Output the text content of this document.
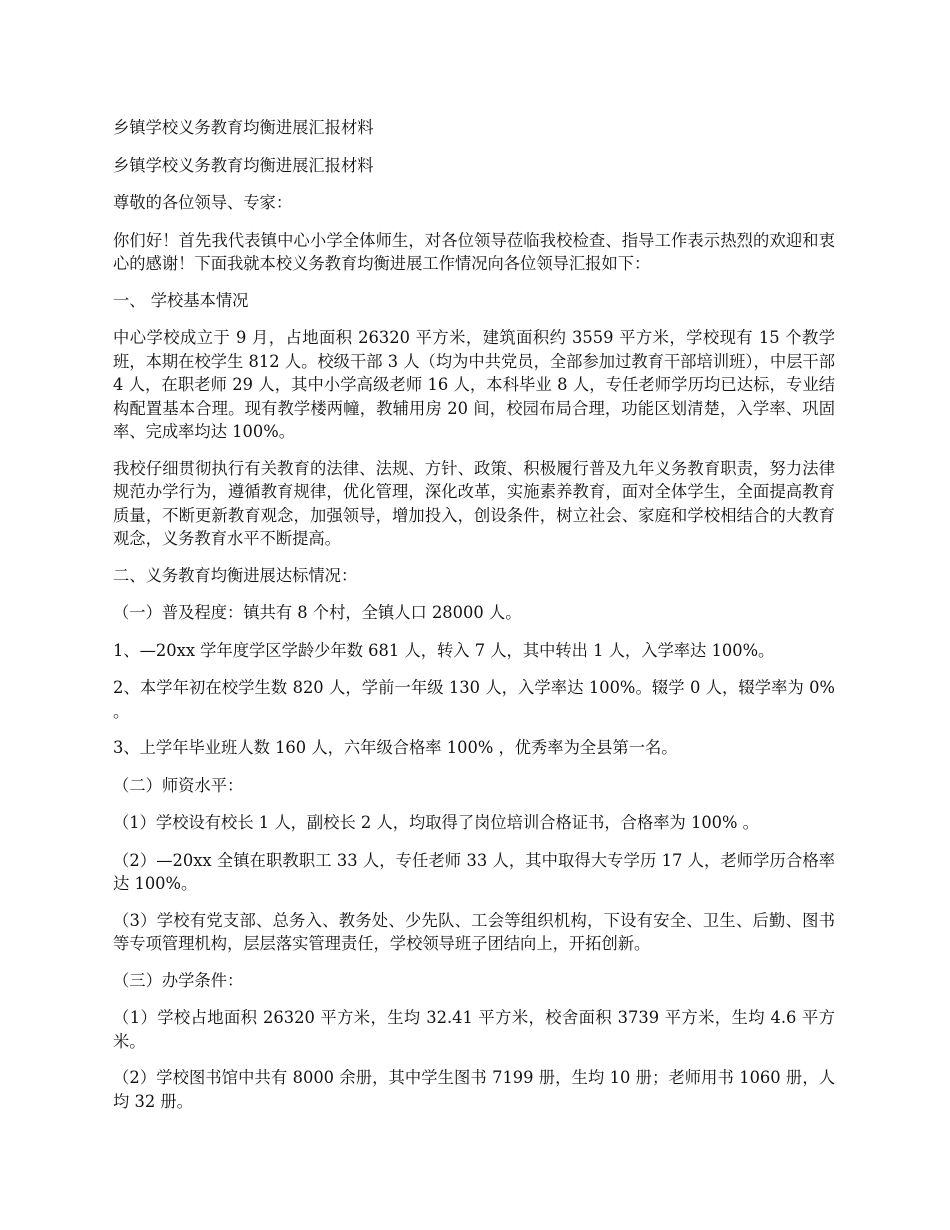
乡镇学校义务教育均衡进展汇报材料

乡镇学校义务教育均衡进展汇报材料

尊敬的各位领导、专家：

你们好！首先我代表镇中心小学全体师生，对各位领导莅临我校检查、指导工作表示热烈的欢迎和衷心的感谢！下面我就本校义务教育均衡进展工作情况向各位领导汇报如下：

一、 学校基本情况

中心学校成立于 9 月，占地面积 26320 平方米，建筑面积约 3559 平方米，学校现有 15 个教学班，本期在校学生 812 人。校级干部 3 人（均为中共党员，全部参加过教育干部培训班），中层干部 4 人，在职老师 29 人，其中小学高级老师 16 人，本科毕业 8 人，专任老师学历均已达标，专业结构配置基本合理。现有教学楼两幢，教辅用房 20 间，校园布局合理，功能区划清楚，入学率、巩固率、完成率均达 100%。

我校仔细贯彻执行有关教育的法律、法规、方针、政策、积极履行普及九年义务教育职责，努力法律规范办学行为，遵循教育规律，优化管理，深化改革，实施素养教育，面对全体学生，全面提高教育质量，不断更新教育观念，加强领导，增加投入，创设条件，树立社会、家庭和学校相结合的大教育观念，义务教育水平不断提高。

二、义务教育均衡进展达标情况：

（一）普及程度：镇共有 8 个村，全镇人口 28000 人。

1、—20xx 学年度学区学龄少年数 681 人，转入 7 人，其中转出 1 人，入学率达 100%。

2、本学年初在校学生数 820 人，学前一年级 130 人，入学率达 100%。辍学 0 人，辍学率为 0% 。

3、上学年毕业班人数 160 人，六年级合格率 100% ，优秀率为全县第一名。

（二）师资水平：

（1）学校设有校长 1 人，副校长 2 人，均取得了岗位培训合格证书，合格率为 100% 。

（2）—20xx 全镇在职教职工 33 人，专任老师 33 人，其中取得大专学历 17 人，老师学历合格率达 100%。

（3）学校有党支部、总务入、教务处、少先队、工会等组织机构，下设有安全、卫生、后勤、图书等专项管理机构，层层落实管理责任，学校领导班子团结向上，开拓创新。

（三）办学条件：

（1）学校占地面积 26320 平方米，生均 32.41 平方米，校舍面积 3739 平方米，生均 4.6 平方米。

（2）学校图书馆中共有 8000 余册，其中学生图书 7199 册，生均 10 册；老师用书 1060 册，人均 32 册。
